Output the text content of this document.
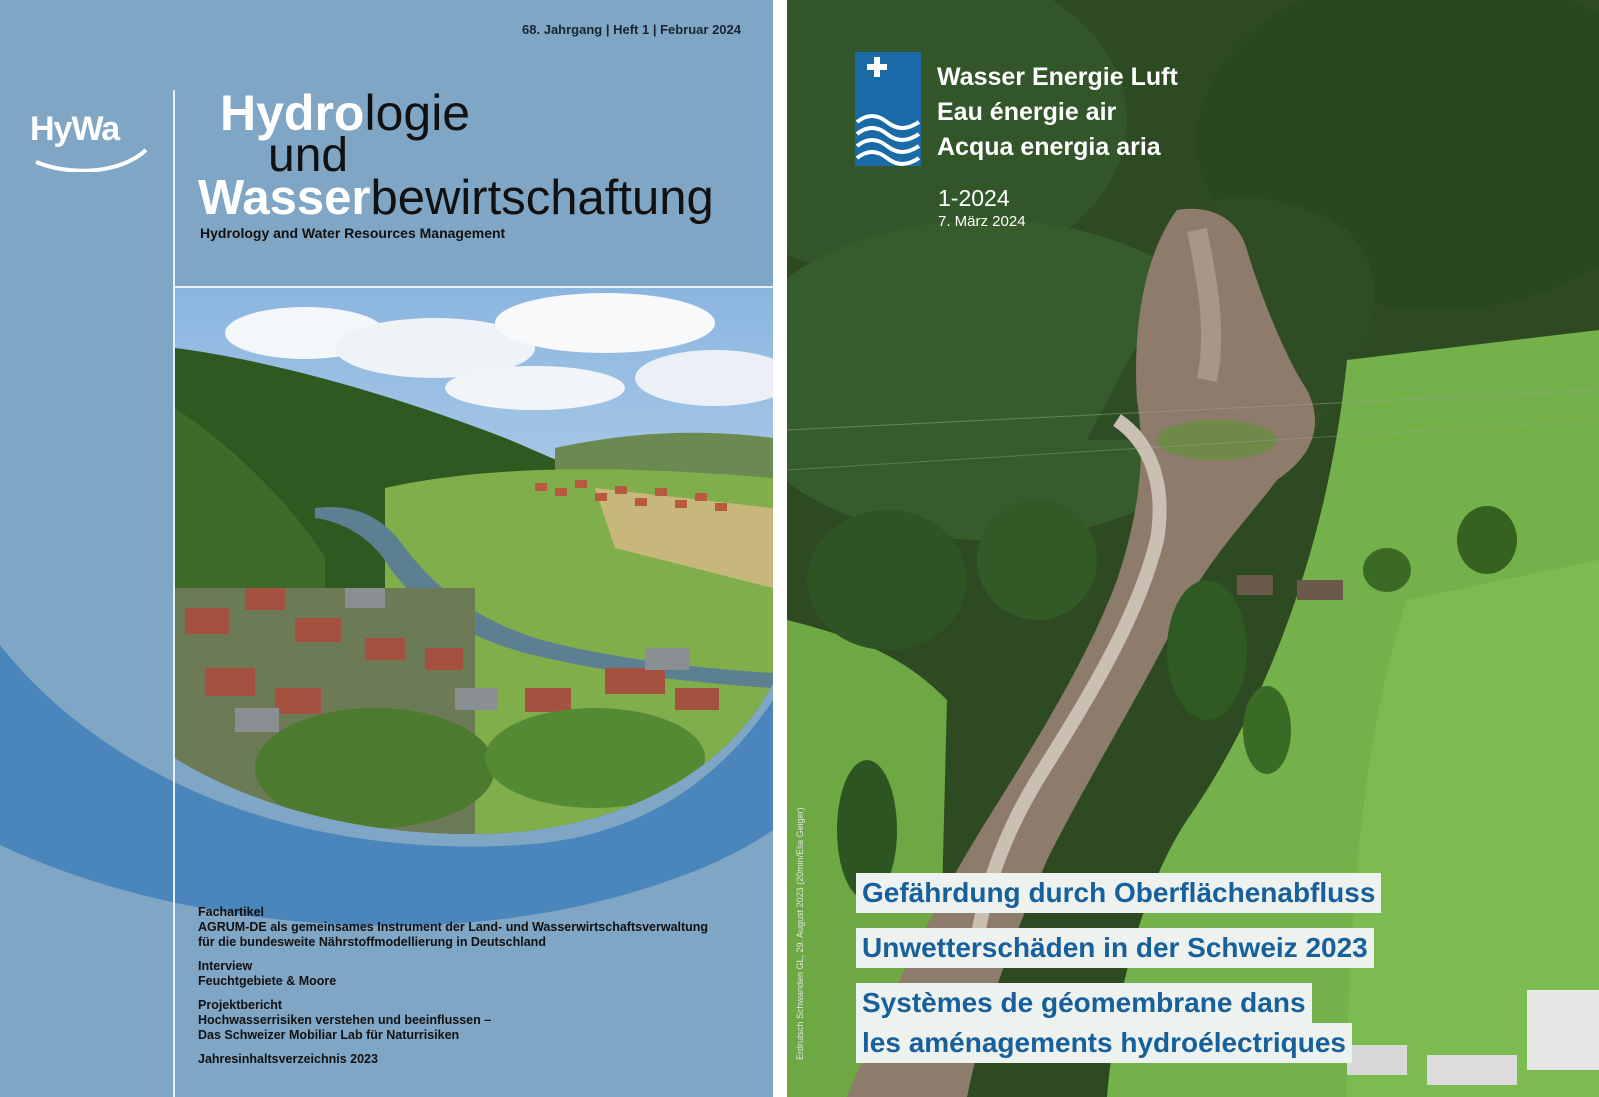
68. Jahrgang | Heft 1 | Februar 2024
HyWa Hydrologie
und
Wasserbewirtschaftung
Hydrology and Water Resources Management
Fachartikel
AGRUM-DE als gemeinsames Instrument der Land- und Wasserwirtschaftsverwaltung
für die bundesweite Nährstoffmodellierung in Deutschland
Interview
Feuchtgebiete & Moore
Projektbericht
Hochwasserrisiken verstehen und beeinflussen –
Das Schweizer Mobiliar Lab für Naturrisiken
Jahresinhaltsverzeichnis 2023
Wasser Energie Luft
Eau énergie air
Acqua energia aria
1-2024
7. März 2024
Gefährdung durch Oberflächenabfluss
Unwetterschäden in der Schweiz 2023
Systèmes de géomembrane dans
les aménagements hydroélectriques
Erdrutsch Schwanden GL, 29. August 2023 (20min/Elia Geiger)
